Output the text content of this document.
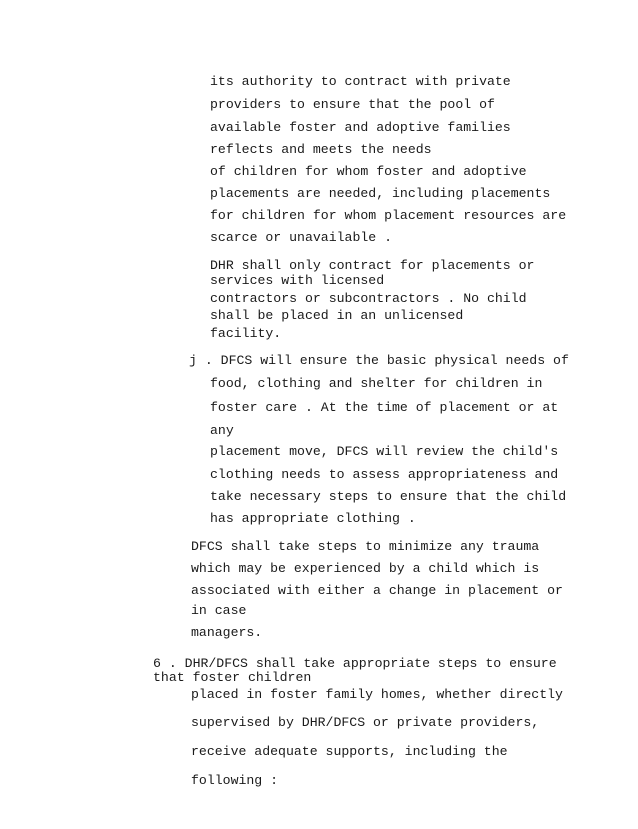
its authority to contract with private
providers to ensure that the pool of
available foster and adoptive families
reflects and meets the needs
of children for whom foster and adoptive
placements are needed, including placements
for children for whom placement resources are
scarce or unavailable .
DHR shall only contract for placements or
services with licensed
contractors or subcontractors . No child
shall be placed in an unlicensed
facility.
j . DFCS will ensure the basic physical needs of
food, clothing and shelter for children in
foster care . At the time of placement or at
any
placement move, DFCS will review the child's
clothing needs to assess appropriateness and
take necessary steps to ensure that the child
has appropriate clothing .
DFCS shall take steps to minimize any trauma
which may be experienced by a child which is
associated with either a change in placement or
in case
managers.
6 . DHR/DFCS shall take appropriate steps to ensure
that foster children
placed in foster family homes, whether directly
supervised by DHR/DFCS or private providers,
receive adequate supports, including the
following :
